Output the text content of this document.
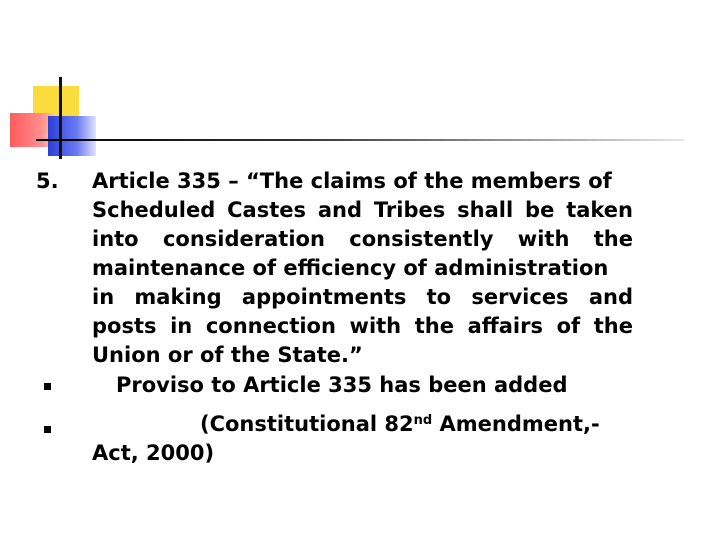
5. Article 335 – “The claims of the members of
Scheduled Castes and Tribes shall be taken
into consideration consistently with the
maintenance of efficiency of administration
in making appointments to services and
posts in connection with the affairs of the
Union or of the State.”
Proviso to Article 335 has been added
(Constitutional 82nd Amendment,-
Act, 2000)
